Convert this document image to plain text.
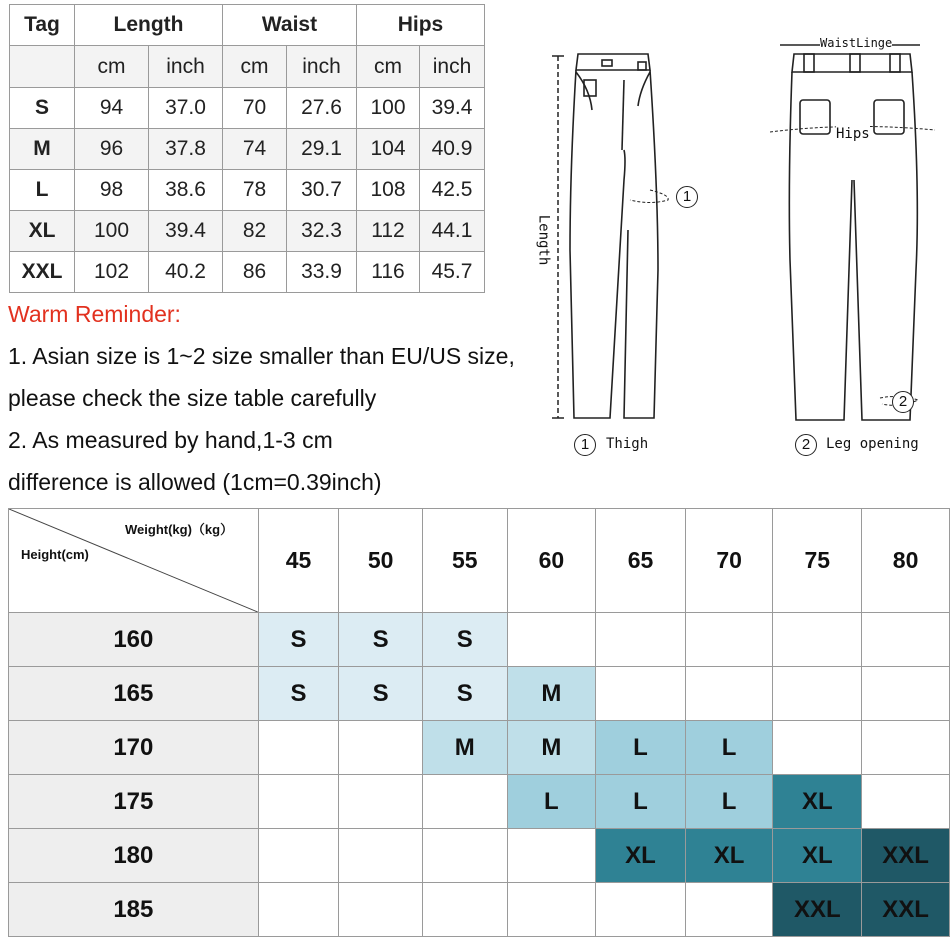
Tag	Length		Waist		Hips	
	cm	inch	cm	inch	cm	inch
S	94	37.0	70	27.6	100	39.4
M	96	37.8	74	29.1	104	40.9
L	98	38.6	78	30.7	108	42.5
XL	100	39.4	82	32.3	112	44.1
XXL	102	40.2	86	33.9	116	45.7
Warm Reminder:
1. Asian size is 1~2 size smaller than EU/US size,
please check the size table carefully
2. As measured by hand,1-3 cm
difference is allowed (1cm=0.39inch)
Length
1
WaistLinge
Hips
2
1	Thigh	2	Leg opening
Weight(kg)（kg）
Height(cm)	45	50	55	60	65	70	75	80
160	S	S	S					
165	S	S	S	M				
170			M	M	L	L		
175				L	L	L	XL	
180					XL	XL	XL	XXL
185							XXL	XXL
